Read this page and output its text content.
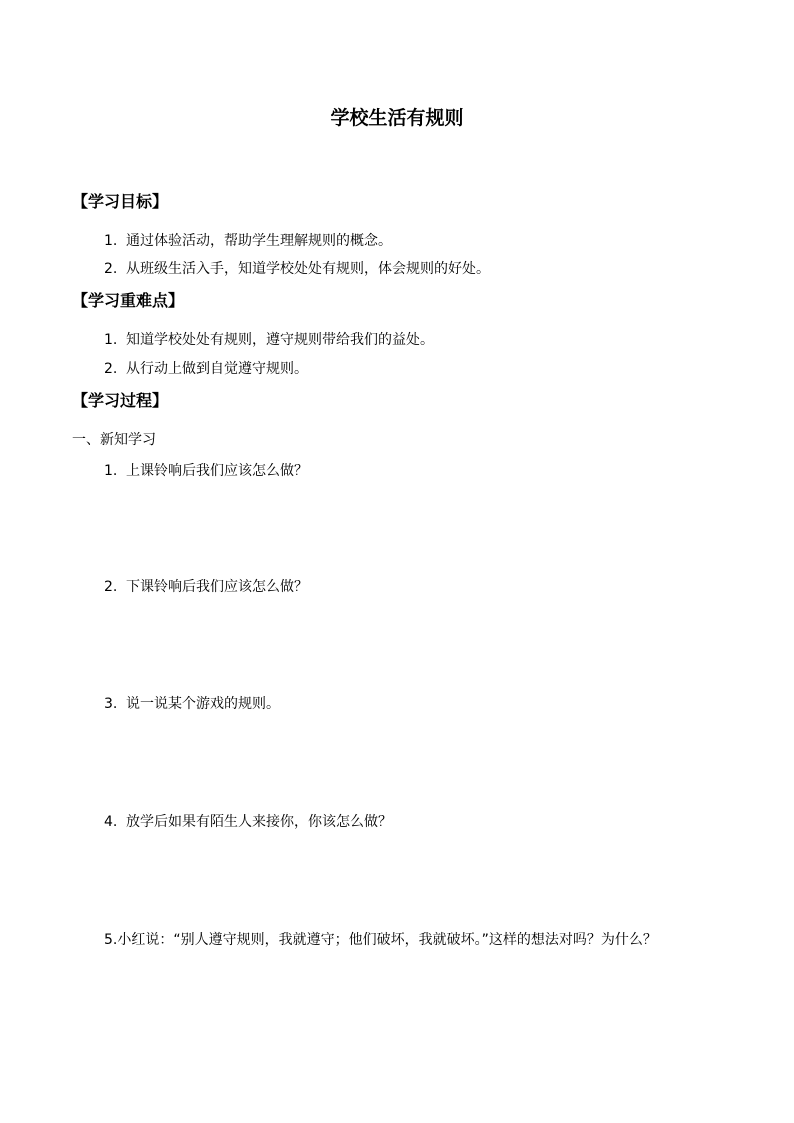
学校生活有规则
【学习目标】

1. 通过体验活动，帮助学生理解规则的概念。

2. 从班级生活入手，知道学校处处有规则，体会规则的好处。

【学习重难点】

1. 知道学校处处有规则，遵守规则带给我们的益处。

2. 从行动上做到自觉遵守规则。

【学习过程】

一、新知学习

1. 上课铃响后我们应该怎么做？

2. 下课铃响后我们应该怎么做？

3. 说一说某个游戏的规则。

4. 放学后如果有陌生人来接你，你该怎么做？

5.小红说：“别人遵守规则，我就遵守；他们破坏，我就破坏。”这样的想法对吗？为什么？
